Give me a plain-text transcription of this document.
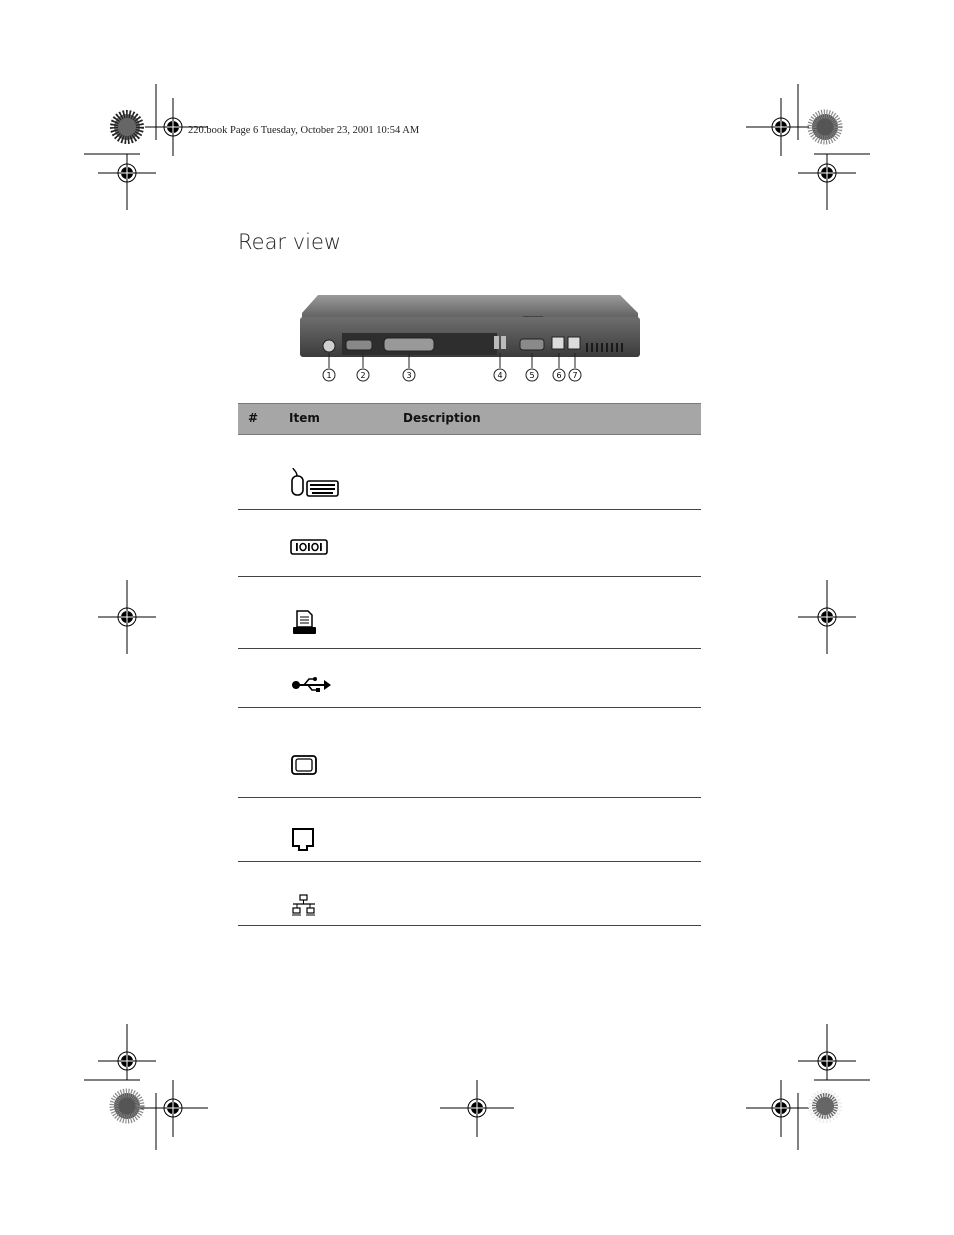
220.book Page 6 Tuesday, October 23, 2001 10:54 AM
Rear view
1	2	3	4	5	6 7
#	Item	Description
